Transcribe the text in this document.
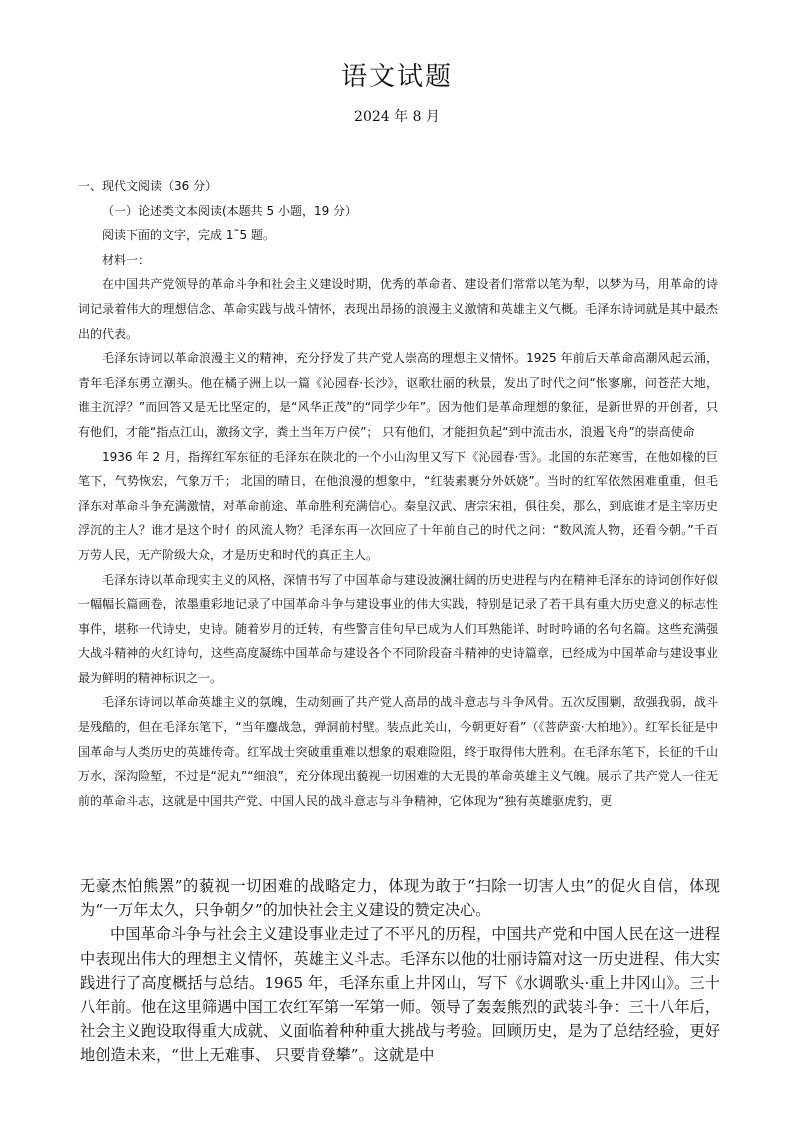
语文试题
2024 年 8 月

一、现代文阅读（36 分）

（一）论述类文本阅读(本题共 5 小题，19 分）

阅读下面的文字，完成 1˜5 题。

材料一：

在中国共产党领导的革命斗争和社会主义建设时期，优秀的革命者、建设者们常常以笔为犁，以梦为马，用革命的诗词记录着伟大的理想信念、革命实践与战斗情怀，表现出昂扬的浪漫主义激情和英雄主义气概。毛泽东诗词就是其中最杰出的代表。

毛泽东诗词以革命浪漫主义的精神，充分抒发了共产党人崇高的理想主义情怀。1925 年前后天革命高潮风起云涌，青年毛泽东勇立潮头。他在橘子洲上以一篇《沁园春·长沙》，讴歌壮丽的秋景，发出了时代之问“怅寥廓，问苍茫大地，谁主沉浮？”而回答又是无比坚定的，是“风华正茂”的“同学少年”。因为他们是革命理想的象征，是新世界的开创者，只有他们，才能“指点江山，激扬文字，粪土当年万户侯”； 只有他们，才能担负起“到中流击水，浪遏飞舟”的崇高使命

1936 年 2 月，指挥红军东征的毛泽东在陕北的一个小山沟里又写下《沁园春·雪》。北国的东茫寒雪，在他如椽的巨笔下，气势恢宏，气象万千； 北国的晴日，在他浪漫的想象中，“红装素裹分外妖娆”。当时的红军依然困难重重，但毛泽东对革命斗争充满激情，对革命前途、革命胜利充满信心。秦皇汉武、唐宗宋祖，俱往矣，那么，到底谁才是主宰历史浮沉的主人？谁才是这个时亻的风流人物？毛泽东再一次回应了十年前自己的时代之问：“数风流人物，还看今朝。”千百万劳人民，无产阶级大众，才是历史和时代的真正主人。

毛泽东诗以革命现实主义的风格，深情书写了中国革命与建设波澜壮阔的历史进程与内在精神毛泽东的诗词创作好似一幅幅长篇画卷，浓墨重彩地记录了中国革命斗争与建设事业的伟大实践，特别是记录了若干具有重大历史意义的标志性事件，堪称一代诗史，史诗。随着岁月的迁转，有些警言佳句早已成为人们耳熟能详、时时吟诵的名句名篇。这些充满强大战斗精神的火红诗句，这些高度凝练中国革命与建设各个不同阶段奋斗精神的史诗篇章，已经成为中国革命与建设事业最为鲜明的精神标识之一。

毛泽东诗词以革命英雄主义的氛魄，生动刻画了共产党人高昂的战斗意志与斗争风骨。五次反围剿，敌强我弱，战斗是残酷的，但在毛泽东笔下，“当年鏖战急，弹洞前村壁。装点此关山，今朝更好看”（《菩萨蛮·大柏地》）。红军长征是中国革命与人类历史的英雄传奇。红军战士突破重重难以想象的艰难险阻，终于取得伟大胜利。在毛泽东笔下，长征的千山万水，深沟险堑，不过是“泥丸”“细浪”，充分体现出藐视一切困难的大无畏的革命英雄主义气魄。展示了共产党人一往无前的革命斗志，这就是中国共产党、中国人民的战斗意志与斗争精神，它体现为“独有英雄驱虎豹，更

无豪杰怕熊罴”的藐视一切困难的战略定力，体现为敢于“扫除一切害人虫”的促火自信，体现为“一万年太久，只争朝夕”的加快社会主义建设的赞定决心。

中国革命斗争与社会主义建设事业走过了不平凡的历程，中国共产党和中国人民在这一进程中表现出伟大的理想主义情怀，英雄主义斗志。毛泽东以他的壮丽诗篇对这一历史进程、伟大实践进行了高度概括与总结。1965 年，毛泽东重上井冈山，写下《水调歌头·重上井冈山》。三十八年前。他在这里筛遇中国工农红军第一军第一师。领导了轰轰熊烈的武装斗争：三十八年后，社会主义跑设取得重大成就、义面临着种种重大挑战与考验。回顾历史，是为了总结经验，更好地创造未来，“世上无难事、 只要肯登攀”。这就是中
